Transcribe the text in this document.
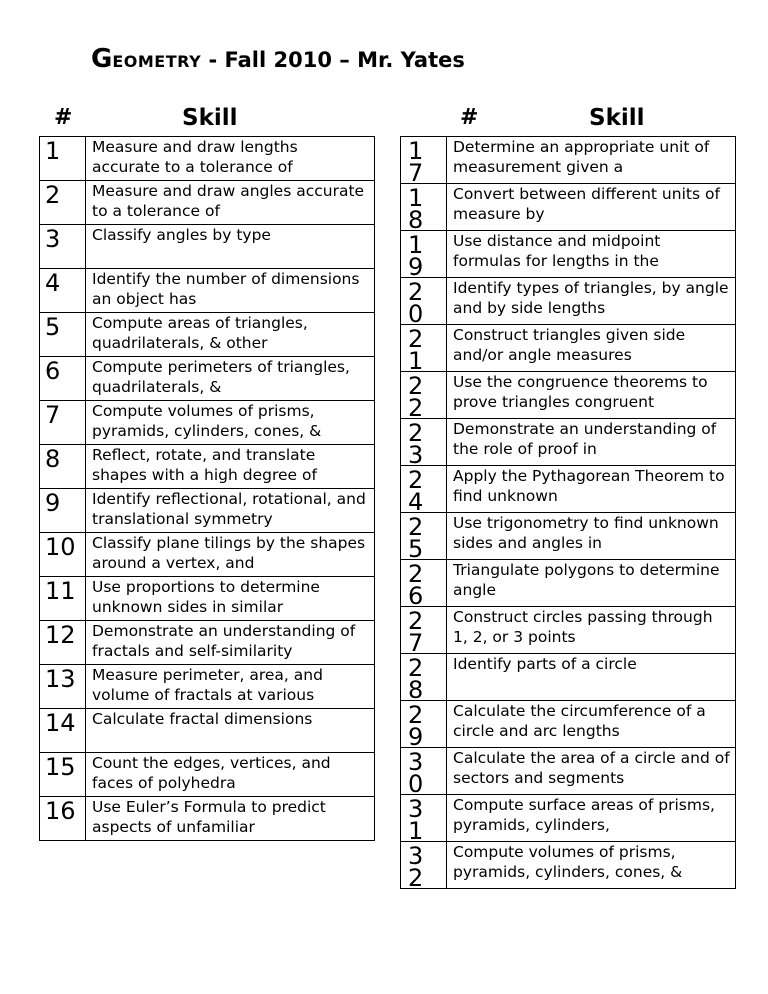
GEOMETRY - Fall 2010 – Mr. Yates
#	Skill
1	Measure and draw lengths accurate to a tolerance of

2	Measure and draw angles accurate to a tolerance of

3	Classify angles by type

4	Identify the number of dimensions an object has

5	Compute areas of triangles, quadrilaterals, & other

6	Compute perimeters of triangles, quadrilaterals, &

7	Compute volumes of prisms, pyramids, cylinders, cones, &

8	Reflect, rotate, and translate shapes with a high degree of

9	Identify reflectional, rotational, and translational symmetry

10	Classify plane tilings by the shapes around a vertex, and

11	Use proportions to determine unknown sides in similar

12	Demonstrate an understanding of fractals and self-similarity

13	Measure perimeter, area, and volume of fractals at various

14	Calculate fractal dimensions

15	Count the edges, vertices, and faces of polyhedra

16	Use Euler’s Formula to predict aspects of unfamiliar
#	Skill
17	Determine an appropriate unit of measurement given a

18	Convert between different units of measure by

19	Use distance and midpoint formulas for lengths in the

20	Identify types of triangles, by angle and by side lengths

21	Construct triangles given side and/or angle measures

22	Use the congruence theorems to prove triangles congruent

23	Demonstrate an understanding of the role of proof in

24	Apply the Pythagorean Theorem to find unknown

25	Use trigonometry to find unknown sides and angles in

26	Triangulate polygons to determine angle

27	Construct circles passing through 1, 2, or 3 points

28	Identify parts of a circle

29	Calculate the circumference of a circle and arc lengths

30	Calculate the area of a circle and of sectors and segments

31	Compute surface areas of prisms, pyramids, cylinders,

32	Compute volumes of prisms, pyramids, cylinders, cones, &
